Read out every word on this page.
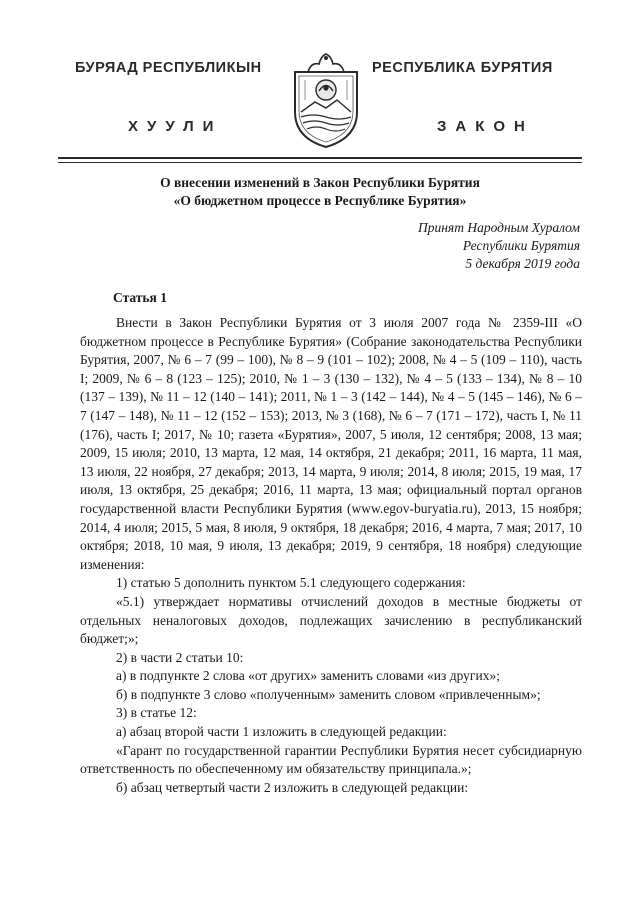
БУРЯАД РЕСПУБЛИКЫН
ХУУЛИ
РЕСПУБЛИКА БУРЯТИЯ
ЗАКОН
О внесении изменений в Закон Республики Бурятия
«О бюджетном процессе в Республике Бурятия»
Принят Народным Хуралом
Республики Бурятия
5 декабря 2019 года
Статья 1

Внести в Закон Республики Бурятия от 3 июля 2007 года № 2359-III «О бюджетном процессе в Республике Бурятия» (Собрание законодательства Республики Бурятия, 2007, № 6 – 7 (99 – 100), № 8 – 9 (101 – 102); 2008, № 4 – 5 (109 – 110), часть I; 2009, № 6 – 8 (123 – 125); 2010, № 1 – 3 (130 – 132), № 4 – 5 (133 – 134), № 8 – 10 (137 – 139), № 11 – 12 (140 – 141); 2011, № 1 – 3 (142 – 144), № 4 – 5 (145 – 146), № 6 – 7 (147 – 148), № 11 – 12 (152 – 153); 2013, № 3 (168), № 6 – 7 (171 – 172), часть I, № 11 (176), часть I; 2017, № 10; газета «Бурятия», 2007, 5 июля, 12 сентября; 2008, 13 мая; 2009, 15 июля; 2010, 13 марта, 12 мая, 14 октября, 21 декабря; 2011, 16 марта, 11 мая, 13 июля, 22 ноября, 27 декабря; 2013, 14 марта, 9 июля; 2014, 8 июля; 2015, 19 мая, 17 июля, 13 октября, 25 декабря; 2016, 11 марта, 13 мая; официальный портал органов государственной власти Республики Бурятия (www.egov-buryatia.ru), 2013, 15 ноября; 2014, 4 июля; 2015, 5 мая, 8 июля, 9 октября, 18 декабря; 2016, 4 марта, 7 мая; 2017, 10 октября; 2018, 10 мая, 9 июля, 13 декабря; 2019, 9 сентября, 18 ноября) следующие изменения:

1) статью 5 дополнить пунктом 5.1 следующего содержания:

«5.1) утверждает нормативы отчислений доходов в местные бюджеты от отдельных неналоговых доходов, подлежащих зачислению в республиканский бюджет;»;

2) в части 2 статьи 10:

а) в подпункте 2 слова «от других» заменить словами «из других»;

б) в подпункте 3 слово «полученным» заменить словом «привлеченным»;

3) в статье 12:

а) абзац второй части 1 изложить в следующей редакции:

«Гарант по государственной гарантии Республики Бурятия несет субсидиарную ответственность по обеспеченному им обязательству принципала.»;

б) абзац четвертый части 2 изложить в следующей редакции:
